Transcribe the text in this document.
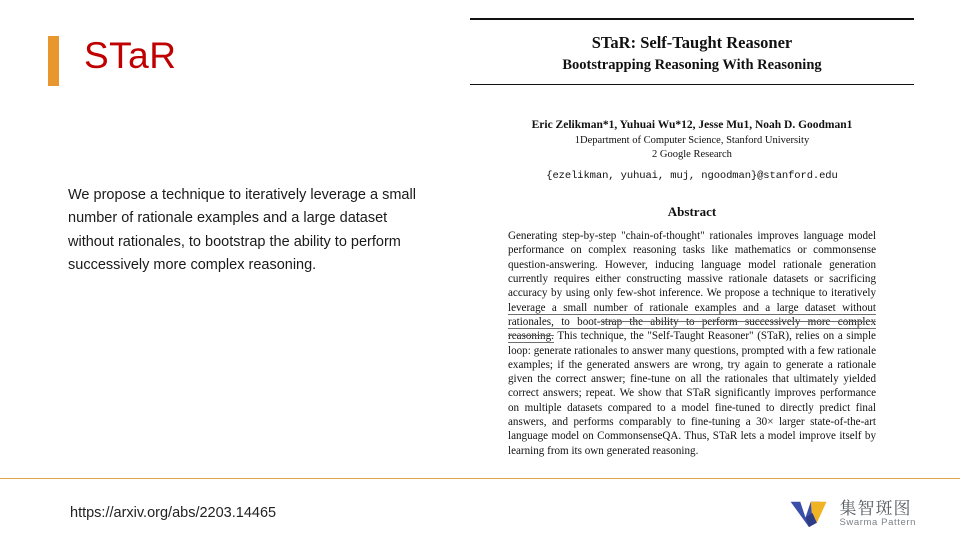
STaR
We propose a technique to iteratively leverage a small number of rationale examples and a large dataset without rationales, to bootstrap the ability to perform successively more complex reasoning.
STaR: Self-Taught Reasoner
Bootstrapping Reasoning With Reasoning
Eric Zelikman*1, Yuhuai Wu*12, Jesse Mu1, Noah D. Goodman1
1Department of Computer Science, Stanford University
2 Google Research
{ezelikman, yuhuai, muj, ngoodman}@stanford.edu
Abstract
Generating step-by-step "chain-of-thought" rationales improves language model performance on complex reasoning tasks like mathematics or commonsense question-answering. However, inducing language model rationale generation currently requires either constructing massive rationale datasets or sacrificing accuracy by using only few-shot inference. We propose a technique to iteratively leverage a small number of rationale examples and a large dataset without rationales, to boot-strap the ability to perform successively more complex reasoning. This technique, the "Self-Taught Reasoner" (STaR), relies on a simple loop: generate rationales to answer many questions, prompted with a few rationale examples; if the generated answers are wrong, try again to generate a rationale given the correct answer; fine-tune on all the rationales that ultimately yielded correct answers; repeat. We show that STaR significantly improves performance on multiple datasets compared to a model fine-tuned to directly predict final answers, and performs comparably to fine-tuning a 30× larger state-of-the-art language model on CommonsenseQA. Thus, STaR lets a model improve itself by learning from its own generated reasoning.
https://arxiv.org/abs/2203.14465	集智斑图
Swarma Pattern
